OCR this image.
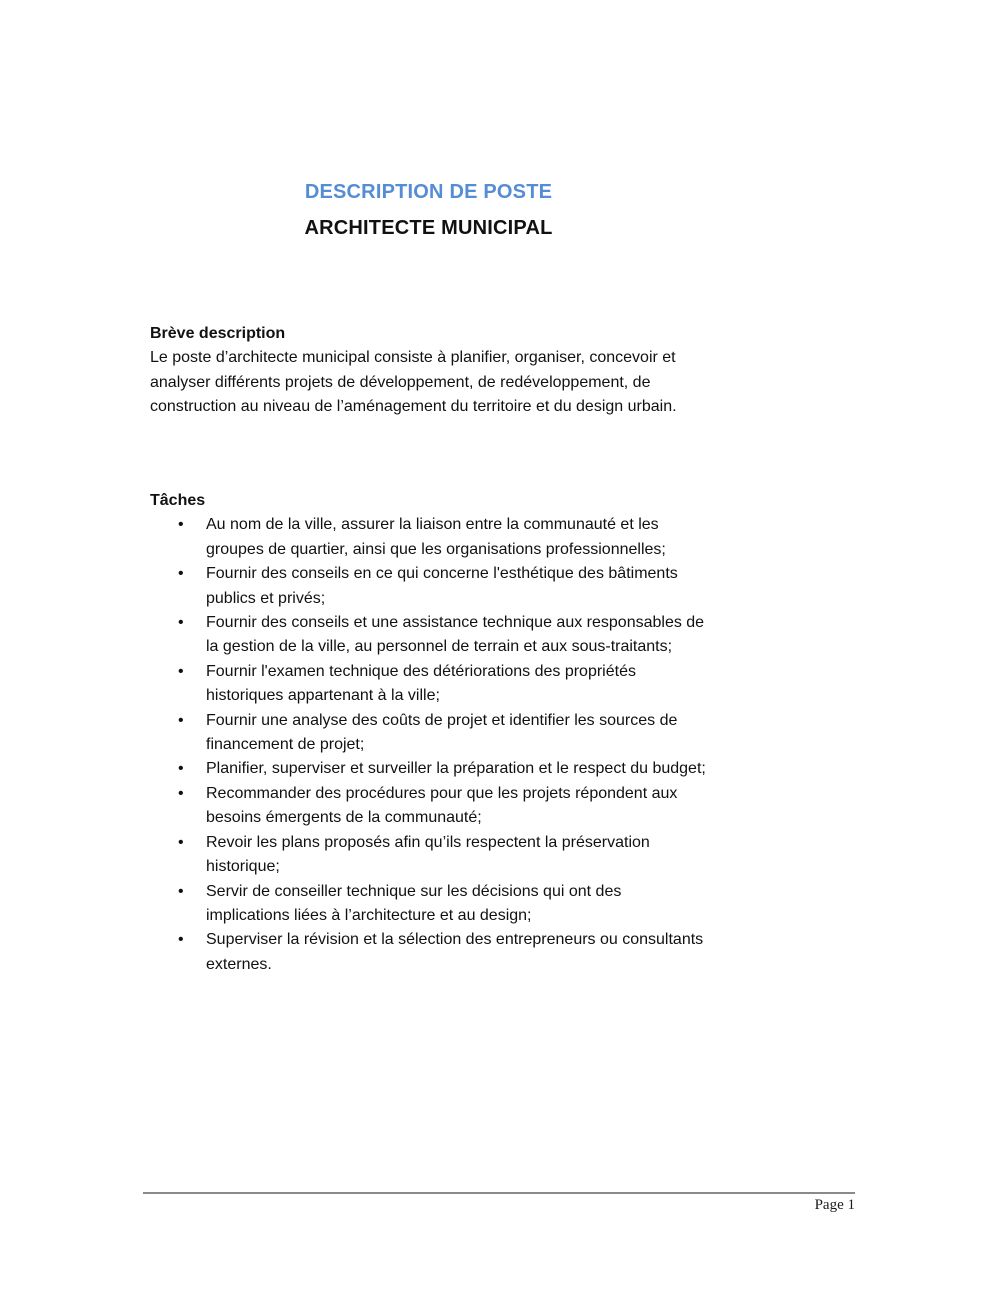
DESCRIPTION DE POSTE
ARCHITECTE MUNICIPAL
Brève description

Le poste d’architecte municipal consiste à planifier, organiser, concevoir et analyser différents projets de développement, de redéveloppement, de construction au niveau de l’aménagement du territoire et du design urbain.

Tâches
• Au nom de la ville, assurer la liaison entre la communauté et les groupes de quartier, ainsi que les organisations professionnelles;
• Fournir des conseils en ce qui concerne l'esthétique des bâtiments publics et privés;
• Fournir des conseils et une assistance technique aux responsables de la gestion de la ville, au personnel de terrain et aux sous-traitants;
• Fournir l'examen technique des détériorations des propriétés historiques appartenant à la ville;
• Fournir une analyse des coûts de projet et identifier les sources de financement de projet;
• Planifier, superviser et surveiller la préparation et le respect du budget;
• Recommander des procédures pour que les projets répondent aux besoins émergents de la communauté;
• Revoir les plans proposés afin qu’ils respectent la préservation historique;
• Servir de conseiller technique sur les décisions qui ont des implications liées à l’architecture et au design;
• Superviser la révision et la sélection des entrepreneurs ou consultants externes.
Page 1
